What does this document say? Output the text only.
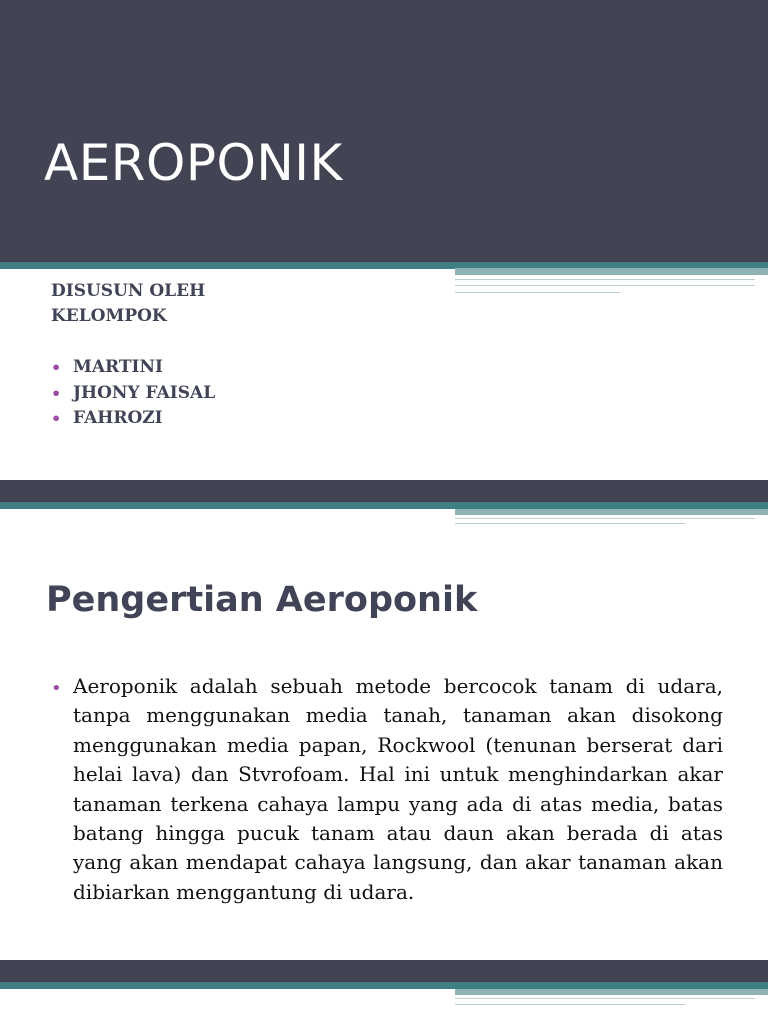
AEROPONIK
DISUSUN OLEH
KELOMPOK
• MARTINI
• JHONY FAISAL
• FAHROZI
Pengertian Aeroponik
• Aeroponik adalah sebuah metode bercocok tanam di udara, tanpa menggunakan media tanah, tanaman akan disokong menggunakan media papan, Rockwool (tenunan berserat dari helai lava) dan Stvrofoam. Hal ini untuk menghindarkan akar tanaman terkena cahaya lampu yang ada di atas media, batas batang hingga pucuk tanam atau daun akan berada di atas yang akan mendapat cahaya langsung, dan akar tanaman akan dibiarkan menggantung di udara.
